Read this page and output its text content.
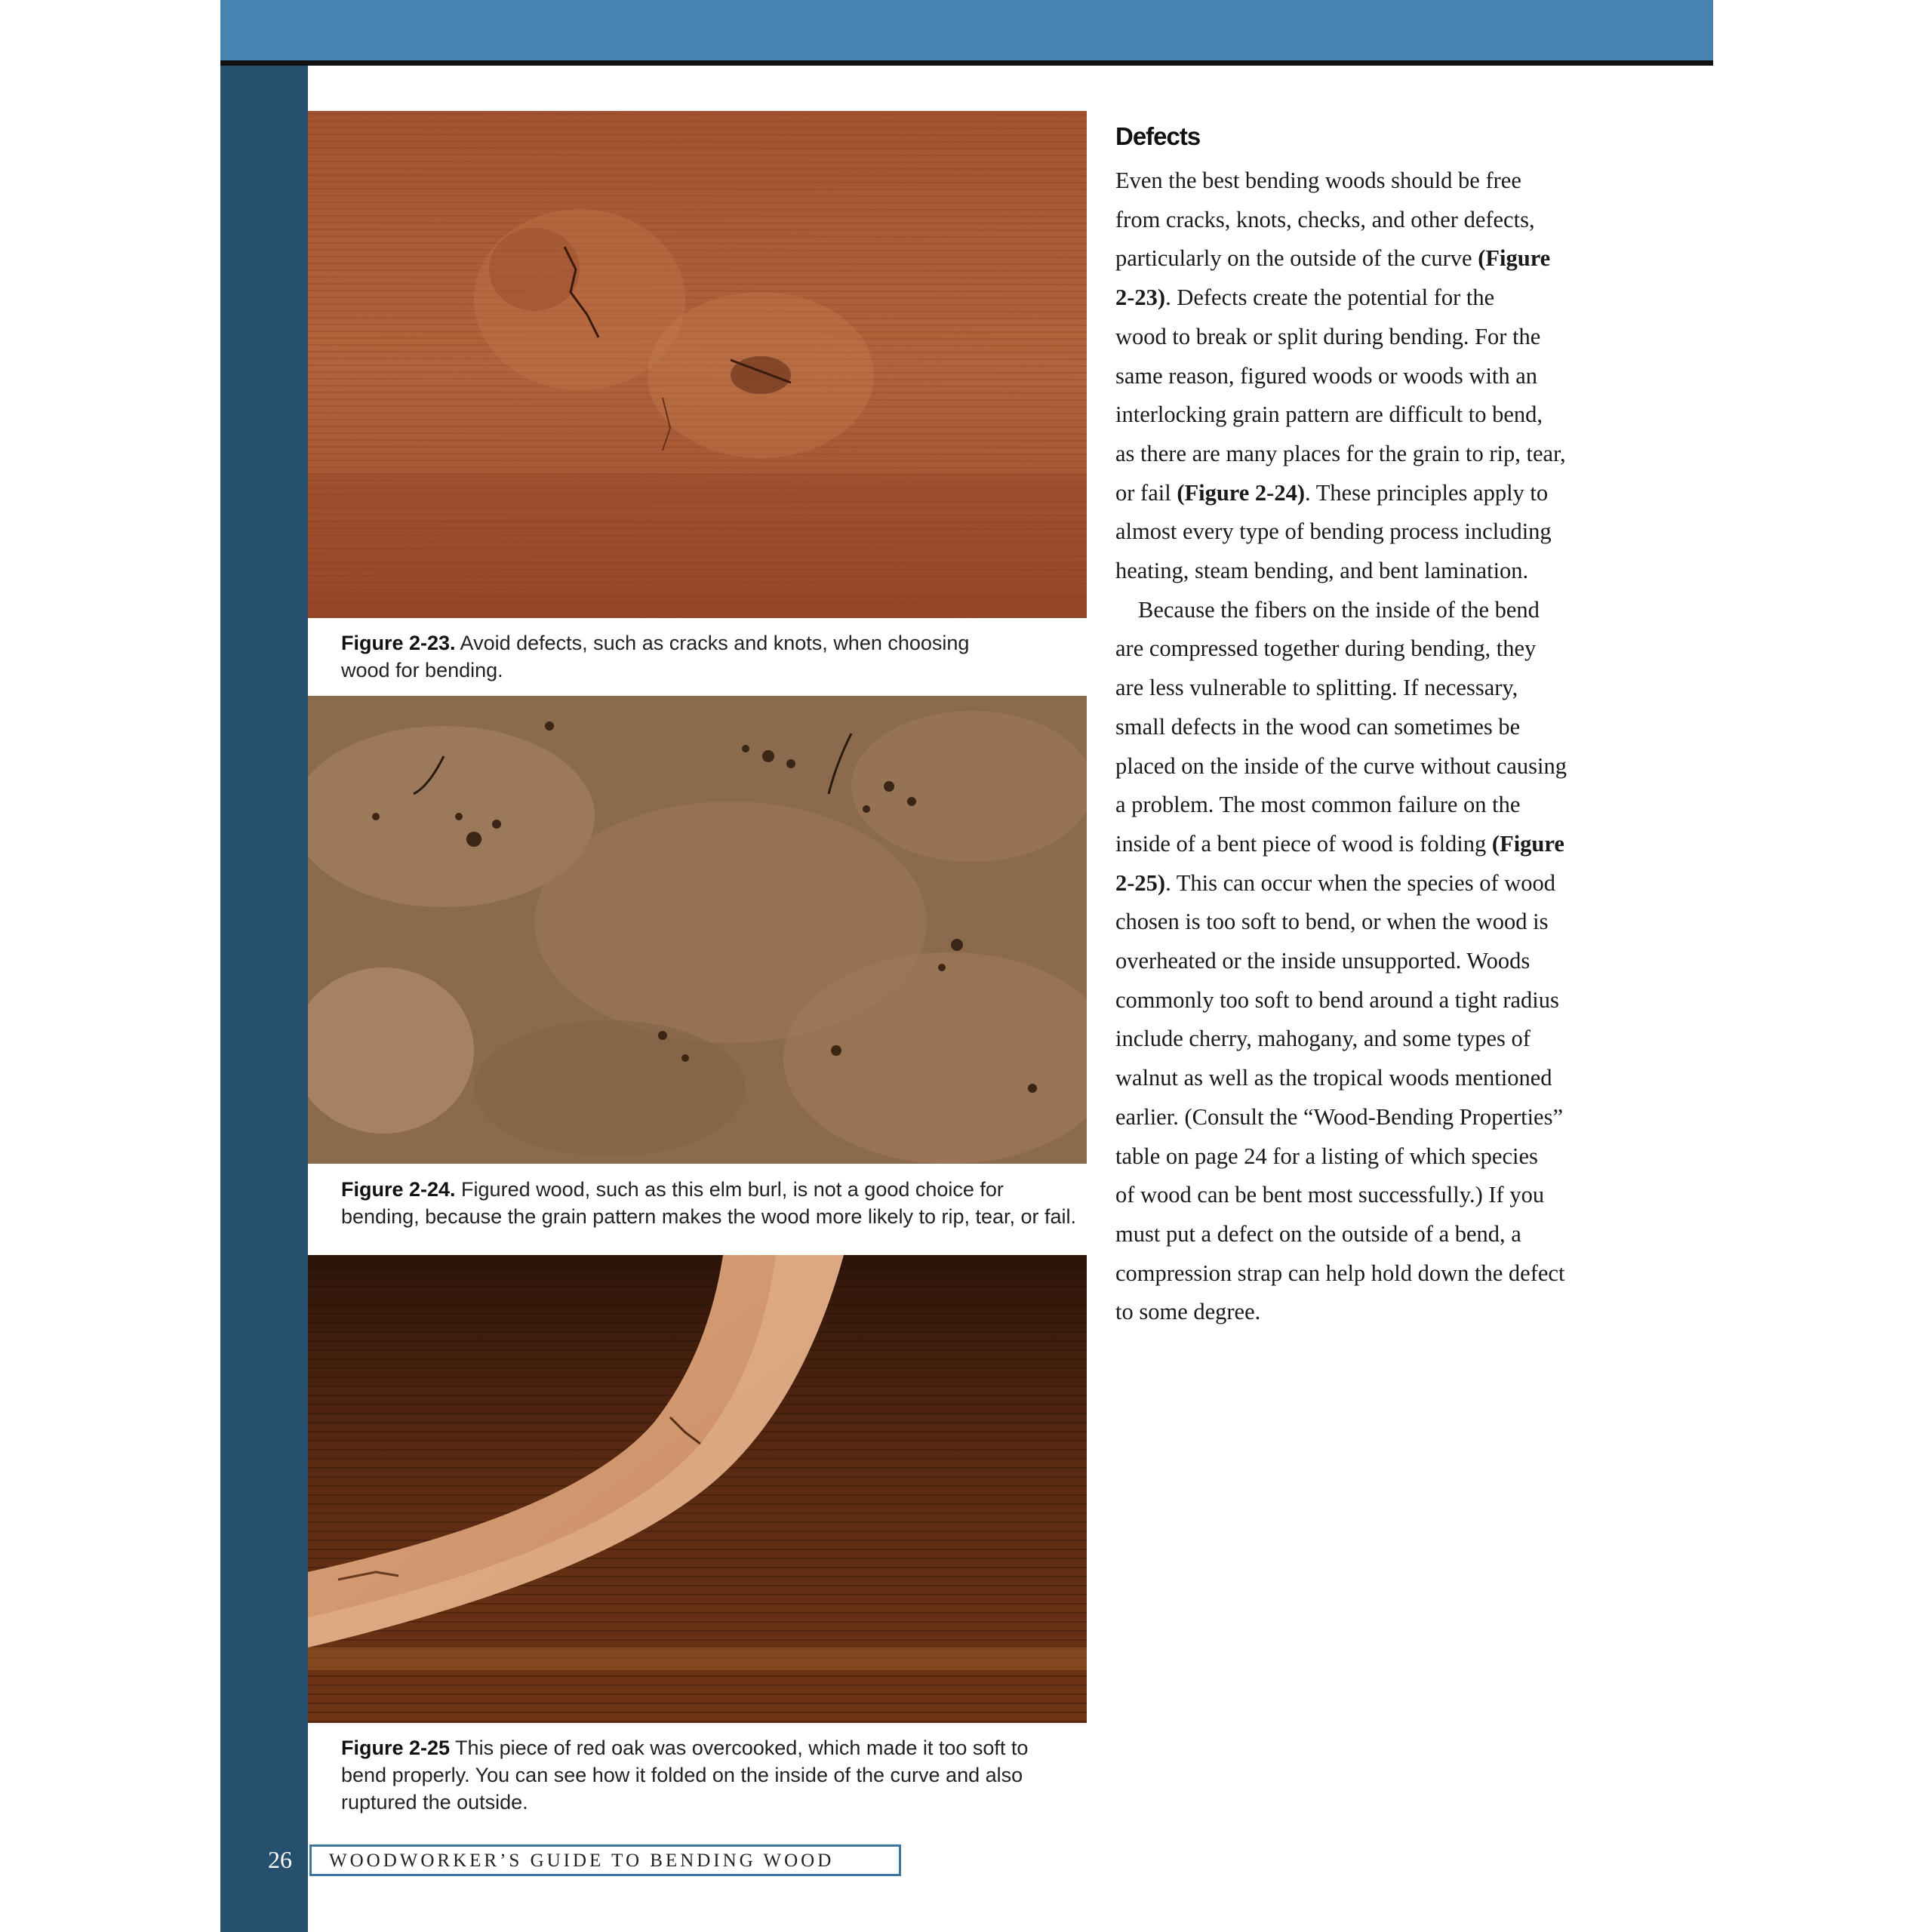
Figure 2-23. Avoid defects, such as cracks and knots, when choosing
wood for bending.
Figure 2-24. Figured wood, such as this elm burl, is not a good choice for
bending, because the grain pattern makes the wood more likely to rip, tear, or fail.
Figure 2-25 This piece of red oak was overcooked, which made it too soft to
bend properly. You can see how it folded on the inside of the curve and also
ruptured the outside.
Defects

Even the best bending woods should be free
from cracks, knots, checks, and other defects,
particularly on the outside of the curve (Figure
2-23). Defects create the potential for the
wood to break or split during bending. For the
same reason, figured woods or woods with an
interlocking grain pattern are difficult to bend,
as there are many places for the grain to rip, tear,
or fail (Figure 2-24). These principles apply to
almost every type of bending process including
heating, steam bending, and bent lamination.

Because the fibers on the inside of the bend
are compressed together during bending, they
are less vulnerable to splitting. If necessary,
small defects in the wood can sometimes be
placed on the inside of the curve without causing
a problem. The most common failure on the
inside of a bent piece of wood is folding (Figure
2-25). This can occur when the species of wood
chosen is too soft to bend, or when the wood is
overheated or the inside unsupported. Woods
commonly too soft to bend around a tight radius
include cherry, mahogany, and some types of
walnut as well as the tropical woods mentioned
earlier. (Consult the “Wood-Bending Properties”
table on page 24 for a listing of which species
of wood can be bent most successfully.) If you
must put a defect on the outside of a bend, a
compression strap can help hold down the defect
to some degree.

26 WOODWORKER’S GUIDE TO BENDING WOOD
